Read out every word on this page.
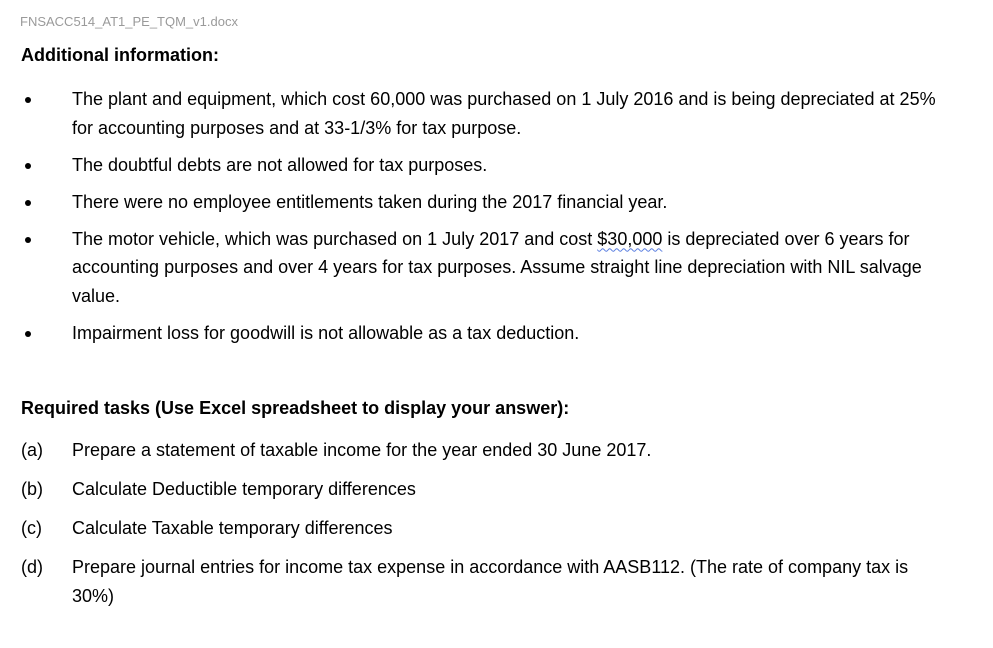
FNSACC514_AT1_PE_TQM_v1.docx
Additional information:
The plant and equipment, which cost 60,000 was purchased on 1 July 2016 and is being depreciated at 25% for accounting purposes and at 33-1/3% for tax purpose.
The doubtful debts are not allowed for tax purposes.
There were no employee entitlements taken during the 2017 financial year.
The motor vehicle, which was purchased on 1 July 2017 and cost $30,000 is depreciated over 6 years for accounting purposes and over 4 years for tax purposes. Assume straight line depreciation with NIL salvage value.
Impairment loss for goodwill is not allowable as a tax deduction.
Required tasks (Use Excel spreadsheet to display your answer):
(a) Prepare a statement of taxable income for the year ended 30 June 2017.
(b) Calculate Deductible temporary differences
(c) Calculate Taxable temporary differences
(d) Prepare journal entries for income tax expense in accordance with AASB112. (The rate of company tax is 30%)
